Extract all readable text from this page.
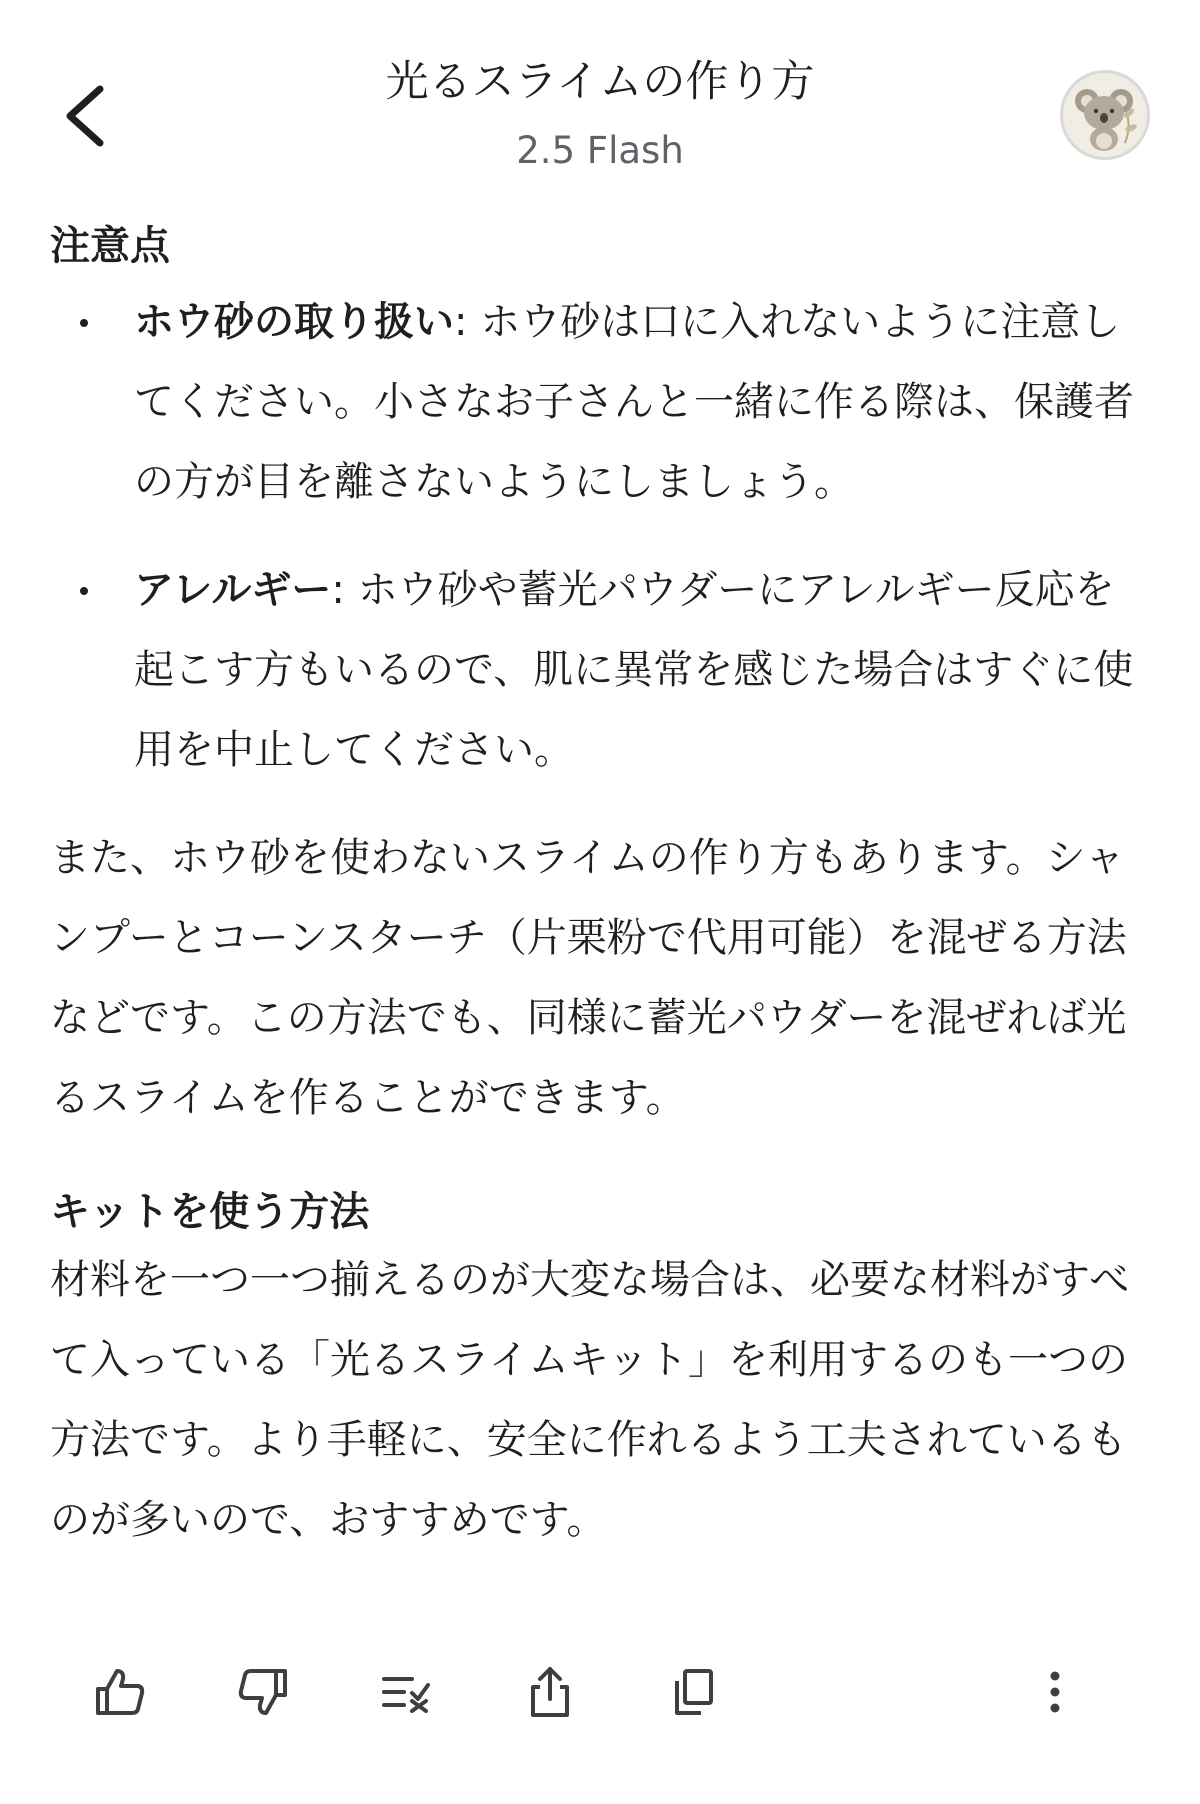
光るスライムの作り方
2.5 Flash
注意点
ホウ砂の取り扱い: ホウ砂は口に入れないように注意してください。小さなお子さんと一緒に作る際は、保護者の方が目を離さないようにしましょう。
アレルギー: ホウ砂や蓄光パウダーにアレルギー反応を起こす方もいるので、肌に異常を感じた場合はすぐに使用を中止してください。

また、ホウ砂を使わないスライムの作り方もあります。シャンプーとコーンスターチ（片栗粉で代用可能）を混ぜる方法などです。この方法でも、同様に蓄光パウダーを混ぜれば光るスライムを作ることができます。

キットを使う方法

材料を一つ一つ揃えるのが大変な場合は、必要な材料がすべて入っている「光るスライムキット」を利用するのも一つの方法です。より手軽に、安全に作れるよう工夫されているものが多いので、おすすめです。
